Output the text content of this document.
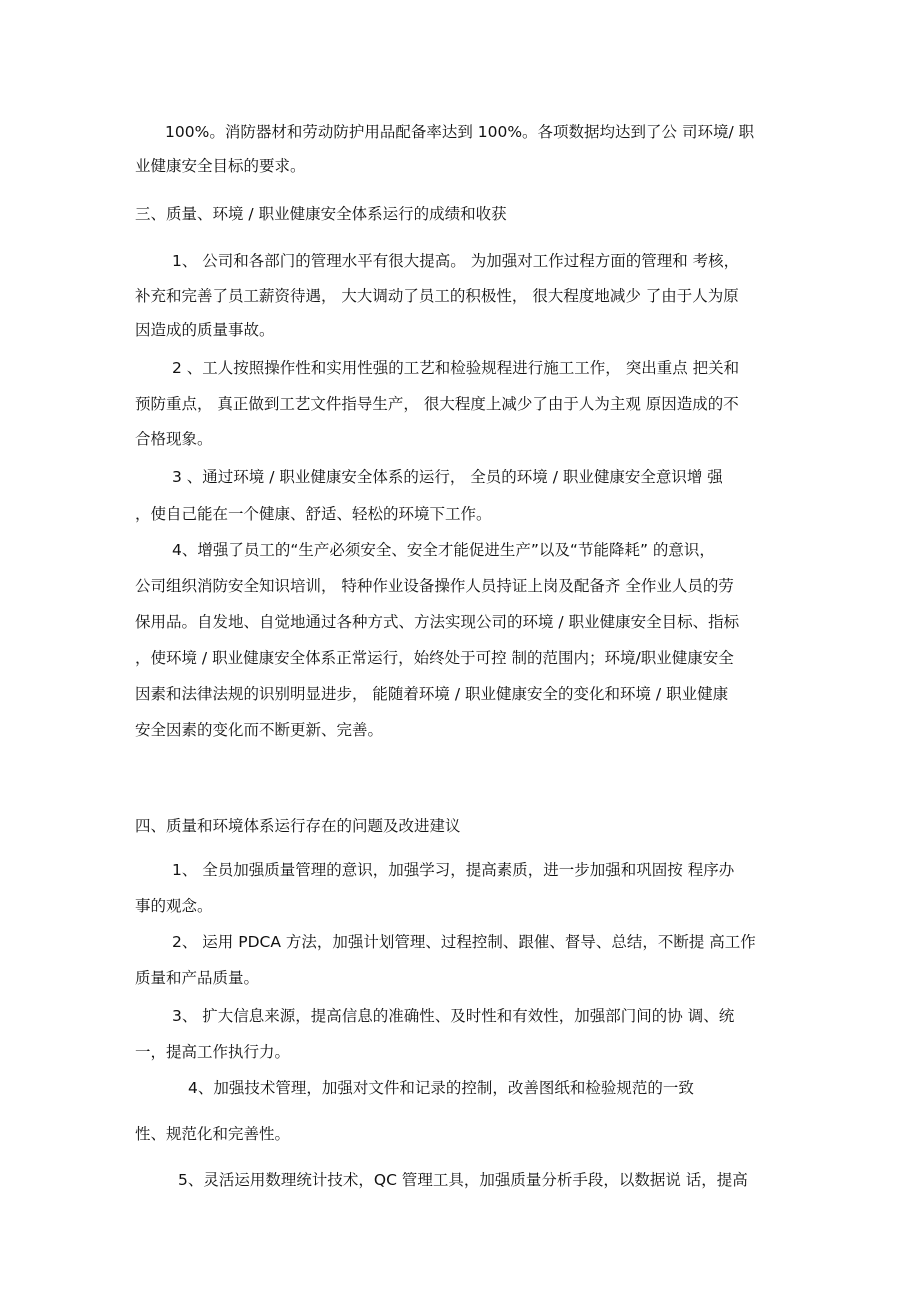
100%。消防器材和劳动防护用品配备率达到 100%。各项数据均达到了公 司环境/ 职

业健康安全目标的要求。

三、质量、环境 / 职业健康安全体系运行的成绩和收获

1、 公司和各部门的管理水平有很大提高。 为加强对工作过程方面的管理和 考核，

补充和完善了员工薪资待遇， 大大调动了员工的积极性， 很大程度地减少 了由于人为原

因造成的质量事故。

2 、工人按照操作性和实用性强的工艺和检验规程进行施工工作， 突出重点 把关和

预防重点， 真正做到工艺文件指导生产， 很大程度上减少了由于人为主观 原因造成的不

合格现象。

3 、通过环境 / 职业健康安全体系的运行， 全员的环境 / 职业健康安全意识增 强

，使自己能在一个健康、舒适、轻松的环境下工作。

4、增强了员工的“生产必须安全、安全才能促进生产”以及“节能降耗” 的意识，

公司组织消防安全知识培训， 特种作业设备操作人员持证上岗及配备齐 全作业人员的劳

保用品。自发地、自觉地通过各种方式、方法实现公司的环境 / 职业健康安全目标、指标

，使环境 / 职业健康安全体系正常运行，始终处于可控 制的范围内；环境/职业健康安全

因素和法律法规的识别明显进步， 能随着环境 / 职业健康安全的变化和环境 / 职业健康

安全因素的变化而不断更新、完善。

四、质量和环境体系运行存在的问题及改进建议

1、 全员加强质量管理的意识，加强学习，提高素质，进一步加强和巩固按 程序办

事的观念。

2、 运用 PDCA 方法，加强计划管理、过程控制、跟催、督导、总结，不断提 高工作

质量和产品质量。

3、 扩大信息来源，提高信息的准确性、及时性和有效性，加强部门间的协 调、统

一，提高工作执行力。

4、加强技术管理，加强对文件和记录的控制，改善图纸和检验规范的一致

性、规范化和完善性。

5、灵活运用数理统计技术，QC 管理工具，加强质量分析手段，以数据说 话，提高
